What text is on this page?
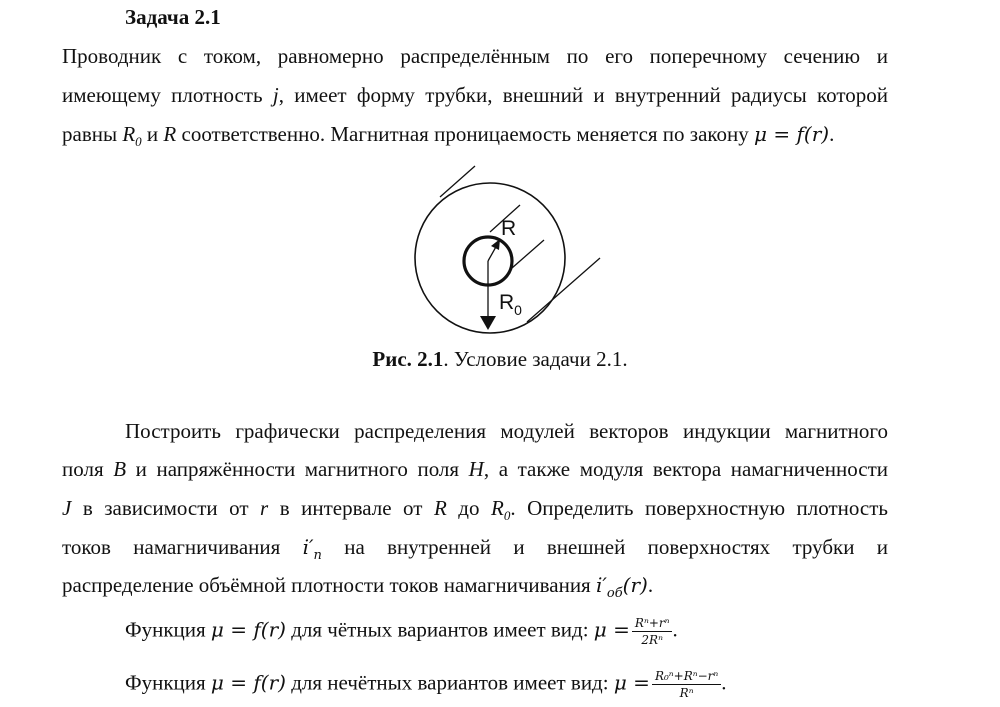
Задача 2.1
Проводник с током, равномерно распределённым по его поперечному сечению и
имеющему плотность j, имеет форму трубки, внешний и внутренний радиусы которой
равны $R_0$ и R соответственно. Магнитная проницаемость меняется по закону μ = f(r).
R
$R_0$
Рис. 2.1. Условие задачи 2.1.
Построить графически распределения модулей векторов индукции магнитного
поля B и напряжённости магнитного поля H, а также модуля вектора намагниченности
J в зависимости от r в интервале от R до $R_0$. Определить поверхностную плотность
токов намагничивания $i'_п$ на внутренней и внешней поверхностях трубки и
распределение объёмной плотности токов намагничивания $i'_{об}(r)$.
Функция μ = f(r) для чётных вариантов имеет вид: $\mu = \frac{\text{Rⁿ+rⁿ}}{\text{2Rⁿ}}$ .
Функция μ = f(r) для нечётных вариантов имеет вид: $\mu = \frac{\text{R₀ⁿ+Rⁿ−rⁿ}}{\text{Rⁿ}}$ .
